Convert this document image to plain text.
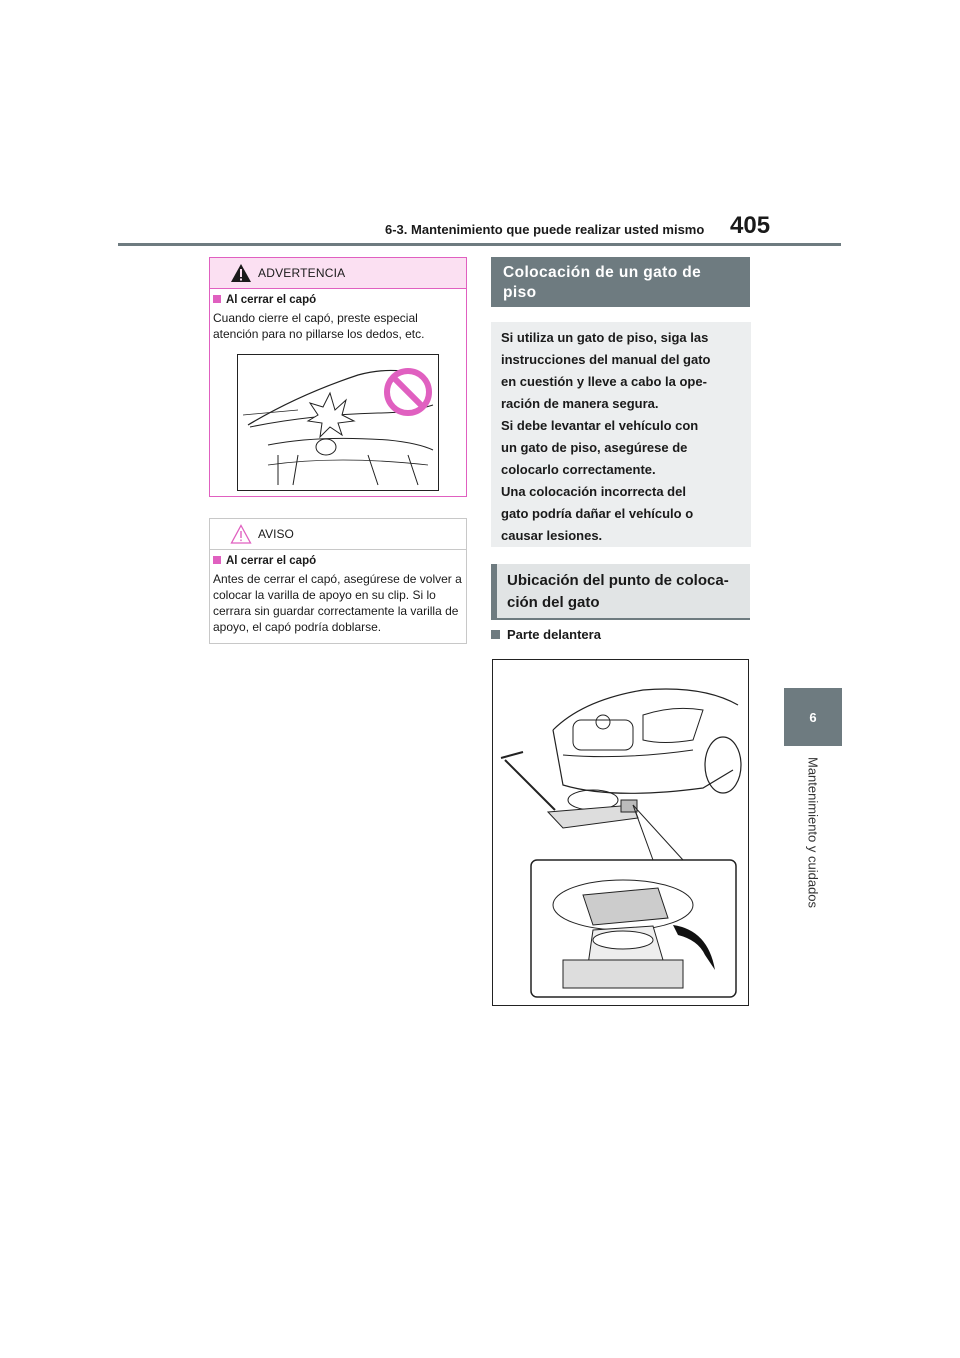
6-3. Mantenimiento que puede realizar usted mismo 405
6
Mantenimiento y cuidados
ADVERTENCIA
Al cerrar el capó
Cuando cierre el capó, preste especial atención para no pillarse los dedos, etc.
AVISO
Al cerrar el capó
Antes de cerrar el capó, asegúrese de volver a colocar la varilla de apoyo en su clip. Si lo cerrara sin guardar correctamente la varilla de apoyo, el capó podría doblarse.
Colocación de un gato de piso

Si utiliza un gato de piso, siga las

instrucciones del manual del gato

en cuestión y lleve a cabo la ope-

ración de manera segura.

Si debe levantar el vehículo con

un gato de piso, asegúrese de

colocarlo correctamente.

Una colocación incorrecta del

gato podría dañar el vehículo o

causar lesiones.

Ubicación del punto de coloca-
ción del gato
Parte delantera
